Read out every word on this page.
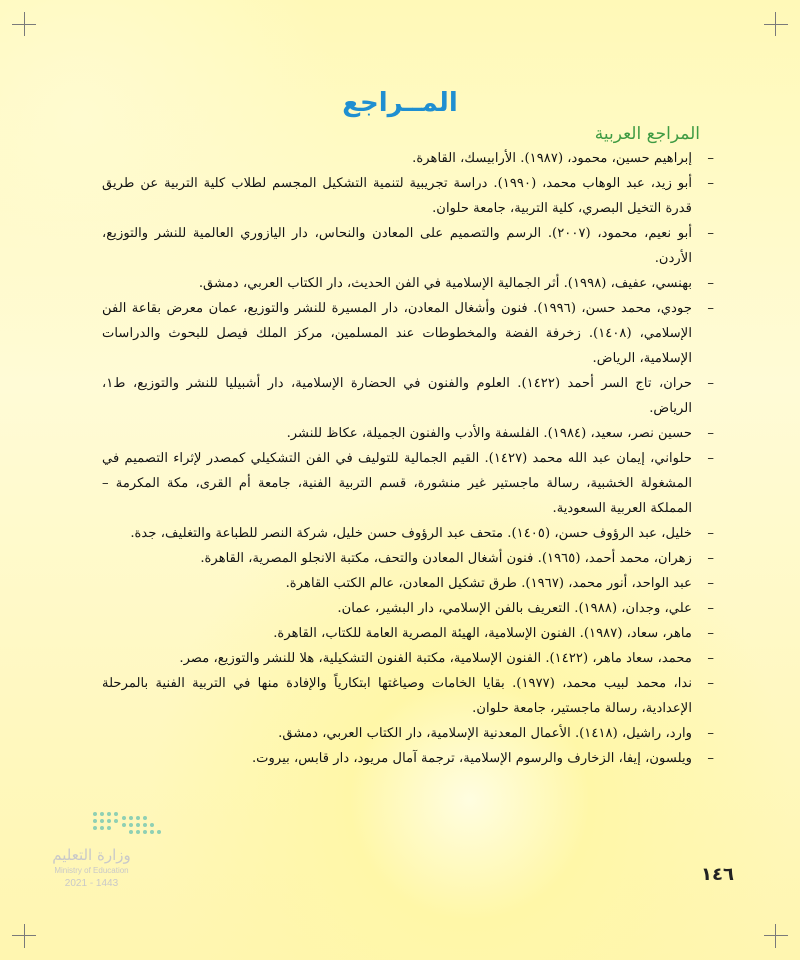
المــراجع
المراجع العربية
– إبراهيم حسين، محمود، (١٩٨٧). الأرابيسك، القاهرة.
– أبو زيد، عبد الوهاب محمد، (١٩٩٠). دراسة تجريبية لتنمية التشكيل المجسم لطلاب كلية التربية عن طريق قدرة التخيل البصري، كلية التربية، جامعة حلوان.
– أبو نعيم، محمود، (٢٠٠٧). الرسم والتصميم على المعادن والنحاس، دار اليازوري العالمية للنشر والتوزيع، الأردن.
– بهنسي، عفيف، (١٩٩٨). أثر الجمالية الإسلامية في الفن الحديث، دار الكتاب العربي، دمشق.
– جودي، محمد حسن، (١٩٩٦). فنون وأشغال المعادن، دار المسيرة للنشر والتوزيع، عمان معرض بقاعة الفن الإسلامي، (١٤٠٨). زخرفة الفضة والمخطوطات عند المسلمين، مركز الملك فيصل للبحوث والدراسات الإسلامية، الرياض.
– حران، تاج السر أحمد (١٤٢٢). العلوم والفنون في الحضارة الإسلامية، دار أشبيليا للنشر والتوزيع، ط١، الرياض.
– حسين نصر، سعيد، (١٩٨٤). الفلسفة والأدب والفنون الجميلة، عكاظ للنشر.
– حلواني، إيمان عبد الله محمد (١٤٢٧). القيم الجمالية للتوليف في الفن التشكيلي كمصدر لإثراء التصميم في المشغولة الخشبية، رسالة ماجستير غير منشورة، قسم التربية الفنية، جامعة أم القرى، مكة المكرمة – المملكة العربية السعودية.
– خليل، عبد الرؤوف حسن، (١٤٠٥). متحف عبد الرؤوف حسن خليل، شركة النصر للطباعة والتغليف، جدة.
– زهران، محمد أحمد، (١٩٦٥). فنون أشغال المعادن والتحف، مكتبة الانجلو المصرية، القاهرة.
– عبد الواحد، أنور محمد، (١٩٦٧). طرق تشكيل المعادن، عالم الكتب القاهرة.
– علي، وجدان، (١٩٨٨). التعريف بالفن الإسلامي، دار البشير، عمان.
– ماهر، سعاد، (١٩٨٧). الفنون الإسلامية، الهيئة المصرية العامة للكتاب، القاهرة.
– محمد، سعاد ماهر، (١٤٢٢). الفنون الإسلامية، مكتبة الفنون التشكيلية، هلا للنشر والتوزيع، مصر.
– ندا، محمد لبيب محمد، (١٩٧٧). بقايا الخامات وصياغتها ابتكارياً والإفادة منها في التربية الفنية بالمرحلة الإعدادية، رسالة ماجستير، جامعة حلوان.
– وارد، راشيل، (١٤١٨). الأعمال المعدنية الإسلامية، دار الكتاب العربي، دمشق.
– ويلسون، إيفا، الزخارف والرسوم الإسلامية، ترجمة آمال مريود، دار قابس، بيروت.
وزارة التعليم
Ministry of Education
2021 - 1443	١٤٦
